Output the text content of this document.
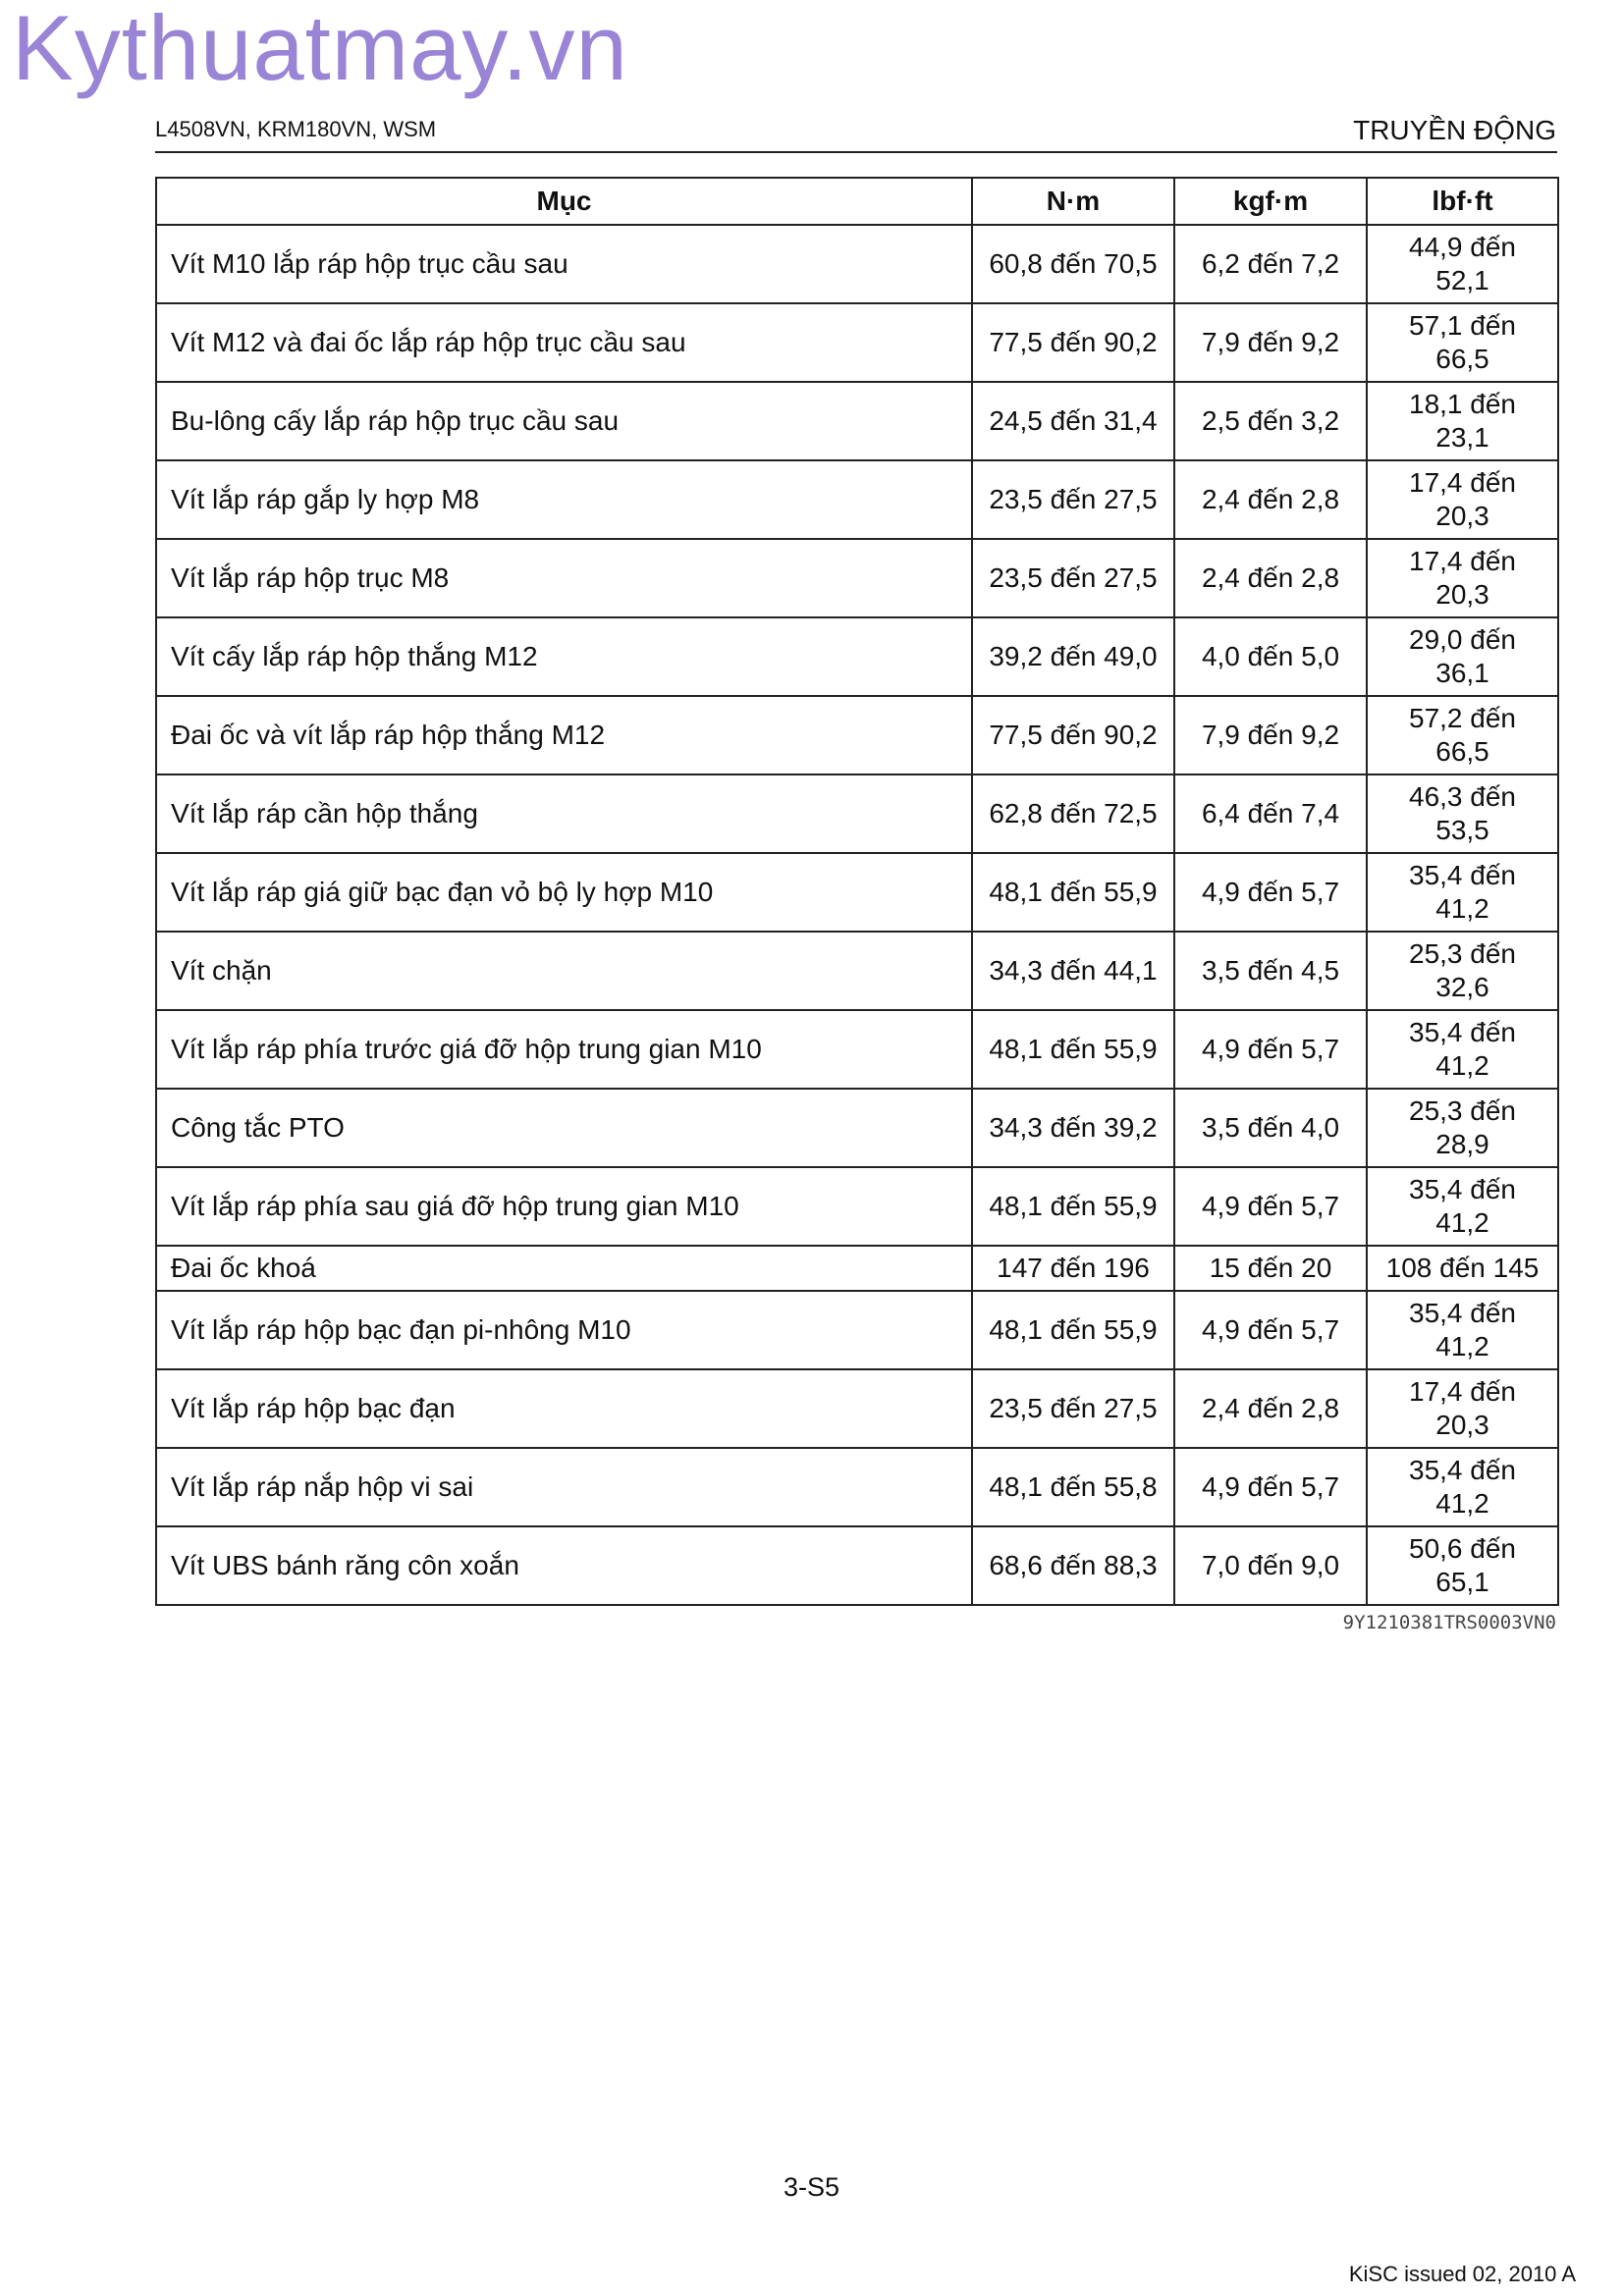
Kythuatmay.vn
L4508VN, KRM180VN, WSM	TRUYỀN ĐỘNG
Mục	N·m	kgf·m	lbf·ft
Vít M10 lắp ráp hộp trục cầu sau	60,8 đến 70,5	6,2 đến 7,2	44,9 đến
52,1
Vít M12 và đai ốc lắp ráp hộp trục cầu sau	77,5 đến 90,2	7,9 đến 9,2	57,1 đến
66,5
Bu-lông cấy lắp ráp hộp trục cầu sau	24,5 đến 31,4	2,5 đến 3,2	18,1 đến
23,1
Vít lắp ráp gắp ly hợp M8	23,5 đến 27,5	2,4 đến 2,8	17,4 đến
20,3
Vít lắp ráp hộp trục M8	23,5 đến 27,5	2,4 đến 2,8	17,4 đến
20,3
Vít cấy lắp ráp hộp thắng M12	39,2 đến 49,0	4,0 đến 5,0	29,0 đến
36,1
Đai ốc và vít lắp ráp hộp thắng M12	77,5 đến 90,2	7,9 đến 9,2	57,2 đến
66,5
Vít lắp ráp cần hộp thắng	62,8 đến 72,5	6,4 đến 7,4	46,3 đến
53,5
Vít lắp ráp giá giữ bạc đạn vỏ bộ ly hợp M10	48,1 đến 55,9	4,9 đến 5,7	35,4 đến
41,2
Vít chặn	34,3 đến 44,1	3,5 đến 4,5	25,3 đến
32,6
Vít lắp ráp phía trước giá đỡ hộp trung gian M10	48,1 đến 55,9	4,9 đến 5,7	35,4 đến
41,2
Công tắc PTO	34,3 đến 39,2	3,5 đến 4,0	25,3 đến
28,9
Vít lắp ráp phía sau giá đỡ hộp trung gian M10	48,1 đến 55,9	4,9 đến 5,7	35,4 đến
41,2
Đai ốc khoá	147 đến 196	15 đến 20	108 đến 145
Vít lắp ráp hộp bạc đạn pi-nhông M10	48,1 đến 55,9	4,9 đến 5,7	35,4 đến
41,2
Vít lắp ráp hộp bạc đạn	23,5 đến 27,5	2,4 đến 2,8	17,4 đến
20,3
Vít lắp ráp nắp hộp vi sai	48,1 đến 55,8	4,9 đến 5,7	35,4 đến
41,2
Vít UBS bánh răng côn xoắn	68,6 đến 88,3	7,0 đến 9,0	50,6 đến
65,1
9Y1210381TRS0003VN0
3-S5
KiSC issued 02, 2010 A
